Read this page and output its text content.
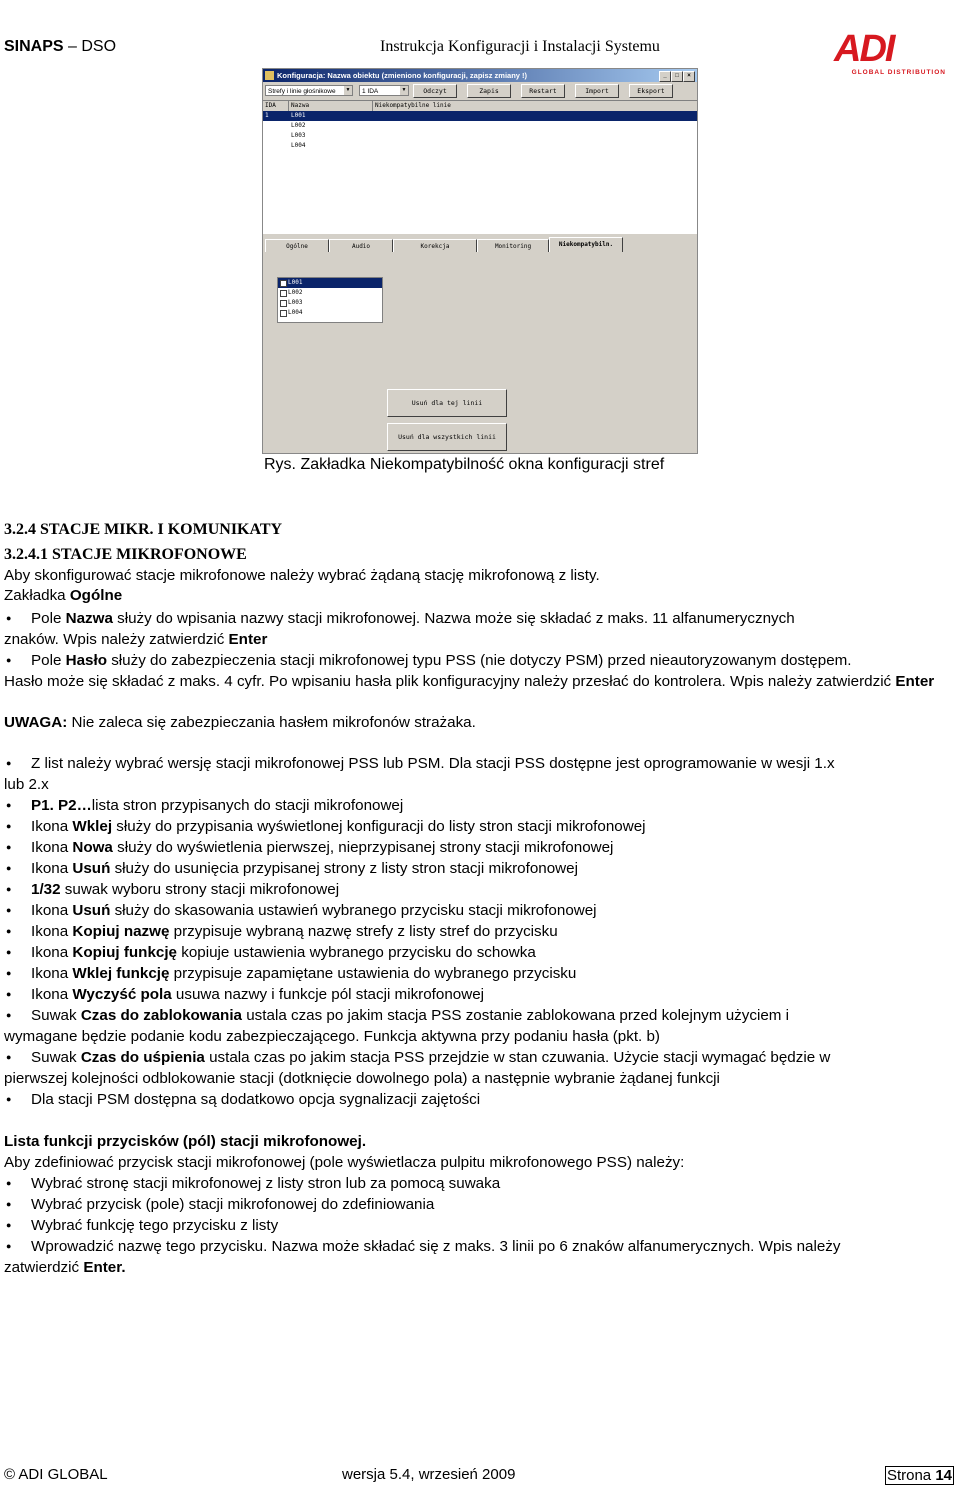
SINAPS – DSO	Instrukcja Konfiguracji i Instalacji Systemu	ADI
GLOBAL DISTRIBUTION
Konfiguracja: Nazwa obiektu (zmieniono konfiguracji, zapisz zmiany !)	_	□	×
Strefy i linie głośnikowe	▼	1 IDA	▼	Odczyt	Zapis	Restart	Import	Eksport
IDA	Nazwa	Niekompatybilne linie
1	L001
L002
L003
L004
Ogólne	Audio	Korekcja	Monitoring	Niekompatybiln.
L001
L002
L003
L004
Usuń dla tej linii
Usuń dla wszystkich linii
Rys. Zakładka Niekompatybilność okna konfiguracji stref
3.2.4 STACJE MIKR. I KOMUNIKATY
3.2.4.1 STACJE MIKROFONOWE
Aby skonfigurować stacje mikrofonowe należy wybrać żądaną stację mikrofonową z listy.
Zakładka Ogólne
● Pole Nazwa służy do wpisania nazwy stacji mikrofonowej. Nazwa może się składać z maks. 11 alfanumerycznych
znaków. Wpis należy zatwierdzić Enter
● Pole Hasło służy do zabezpieczenia stacji mikrofonowej typu PSS (nie dotyczy PSM) przed nieautoryzowanym dostępem.
Hasło może się składać z maks. 4 cyfr. Po wpisaniu hasła plik konfiguracyjny należy przesłać do kontrolera. Wpis należy zatwierdzić Enter
UWAGA: Nie zaleca się zabezpieczania hasłem mikrofonów strażaka.
● Z list należy wybrać wersję stacji mikrofonowej PSS lub PSM. Dla stacji PSS dostępne jest oprogramowanie w wesji 1.x
lub 2.x
● P1. P2…lista stron przypisanych do stacji mikrofonowej
● Ikona Wklej służy do przypisania wyświetlonej konfiguracji do listy stron stacji mikrofonowej
● Ikona Nowa służy do wyświetlenia pierwszej, nieprzypisanej strony stacji mikrofonowej
● Ikona Usuń służy do usunięcia przypisanej strony z listy stron stacji mikrofonowej
● 1/32 suwak wyboru strony stacji mikrofonowej
● Ikona Usuń służy do skasowania ustawień wybranego przycisku stacji mikrofonowej
● Ikona Kopiuj nazwę przypisuje wybraną nazwę strefy z listy stref do przycisku
● Ikona Kopiuj funkcję kopiuje ustawienia wybranego przycisku do schowka
● Ikona Wklej funkcję przypisuje zapamiętane ustawienia do wybranego przycisku
● Ikona Wyczyść pola usuwa nazwy i funkcje pól stacji mikrofonowej
● Suwak Czas do zablokowania ustala czas po jakim stacja PSS zostanie zablokowana przed kolejnym użyciem i
wymagane będzie podanie kodu zabezpieczającego. Funkcja aktywna przy podaniu hasła (pkt. b)
● Suwak Czas do uśpienia ustala czas po jakim stacja PSS przejdzie w stan czuwania. Użycie stacji wymagać będzie w
pierwszej kolejności odblokowanie stacji (dotknięcie dowolnego pola) a następnie wybranie żądanej funkcji
● Dla stacji PSM dostępna są dodatkowo opcja sygnalizacji zajętości
Lista funkcji przycisków (pól) stacji mikrofonowej.
Aby zdefiniować przycisk stacji mikrofonowej (pole wyświetlacza pulpitu mikrofonowego PSS) należy:
● Wybrać stronę stacji mikrofonowej z listy stron lub za pomocą suwaka
● Wybrać przycisk (pole) stacji mikrofonowej do zdefiniowania
● Wybrać funkcję tego przycisku z listy
● Wprowadzić nazwę tego przycisku. Nazwa może składać się z maks. 3 linii po 6 znaków alfanumerycznych. Wpis należy
zatwierdzić Enter.
© ADI GLOBAL	wersja 5.4, wrzesień 2009	Strona 14
